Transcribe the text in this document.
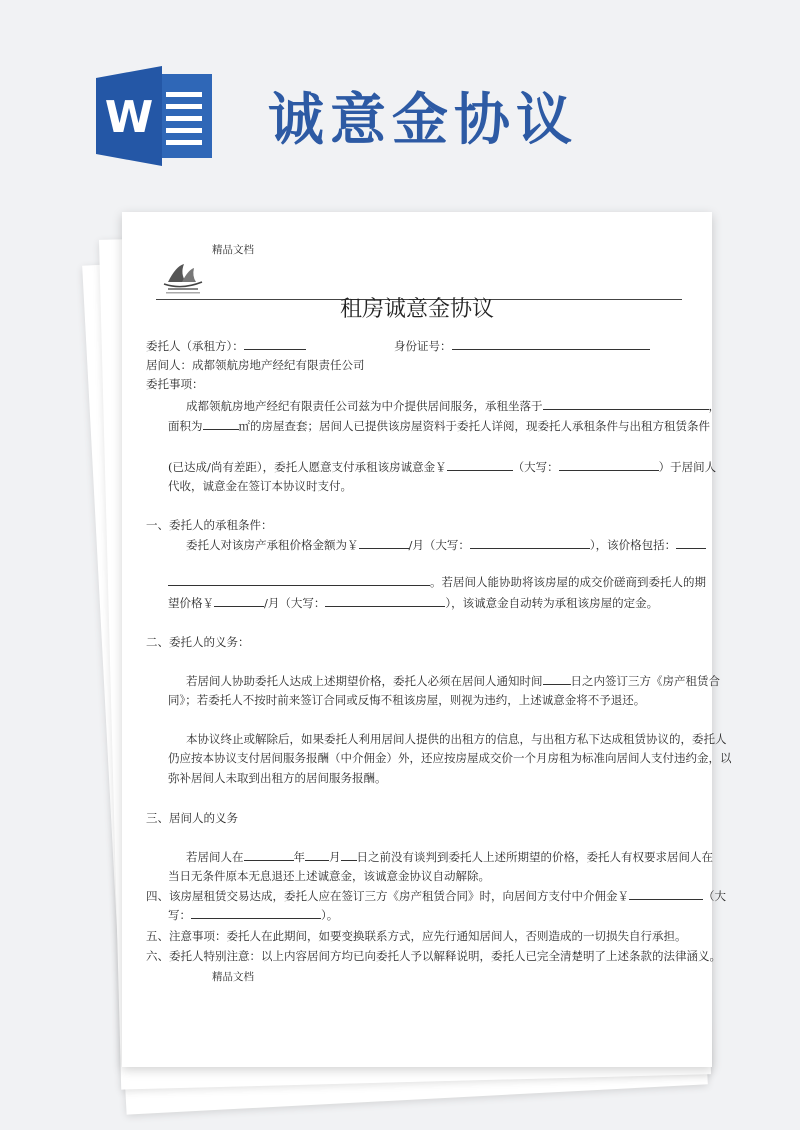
W 诚意金协议
精品文档
租房诚意金协议
委托人（承租方）：	身份证号：
居间人：成都领航房地产经纪有限责任公司
委托事项：
成都领航房地产经纪有限责任公司兹为中介提供居间服务，承租坐落于	，
面积为	㎡的房屋查套；居间人已提供该房屋资料于委托人详阅，现委托人承租条件与出租方租赁条件
(已达成/尚有差距），委托人愿意支付承租该房诚意金￥	（大写：	）于居间人
代收，诚意金在签订本协议时支付。
一、委托人的承租条件：
委托人对该房产承租价格金额为￥	/月（大写：	），该价格包括：
。若居间人能协助将该房屋的成交价磋商到委托人的期
望价格￥	/月（大写：	），该诚意金自动转为承租该房屋的定金。
二、委托人的义务：
若居间人协助委托人达成上述期望价格，委托人必须在居间人通知时间 日之内签订三方《房产租赁合
同》；若委托人不按时前来签订合同或反悔不租该房屋，则视为违约，上述诚意金将不予退还。
本协议终止或解除后，如果委托人利用居间人提供的出租方的信息，与出租方私下达成租赁协议的，委托人
仍应按本协议支付居间服务报酬（中介佣金）外，还应按房屋成交价一个月房租为标准向居间人支付违约金，以
弥补居间人未取到出租方的居间服务报酬。
三、居间人的义务
若居间人在	年 月 日之前没有谈判到委托人上述所期望的价格，委托人有权要求居间人在
当日无条件原本无息退还上述诚意金，该诚意金协议自动解除。
四、该房屋租赁交易达成，委托人应在签订三方《房产租赁合同》时，向居间方支付中介佣金￥	（大
写：	）。
五、注意事项：委托人在此期间，如要变换联系方式，应先行通知居间人，否则造成的一切损失自行承担。
六、委托人特别注意：以上内容居间方均已向委托人予以解释说明，委托人已完全清楚明了上述条款的法律涵义。
精品文档
